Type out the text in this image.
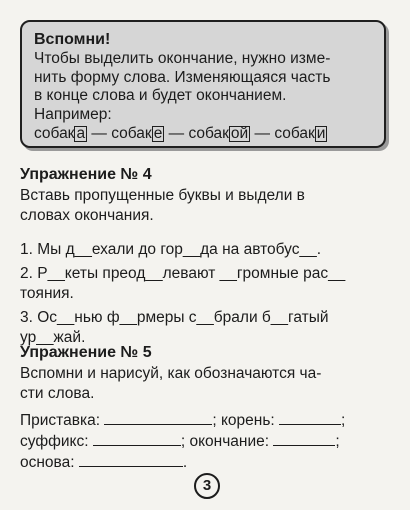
Вспомни!

Чтобы выделить окончание, нужно изме-

нить форму слова. Изменяющаяся часть

в конце слова и будет окончанием.

Например:

собак а — собак е — собак ой — собак и
Упражнение № 4

Вставь пропущенные буквы и выдели в

словах окончания.

1. Мы д__ехали до гор__да на автобус__.

2. Р__кеты преод__левают __громные рас__

тояния.

3. Ос__нью ф__рмеры с__брали б__гатый

ур__жай.

Упражнение № 5

Вспомни и нарисуй, как обозначаются ча-

сти слова.

Приставка:	; корень:	;

суффикс:	; окончание:	;

основа:	.

3
